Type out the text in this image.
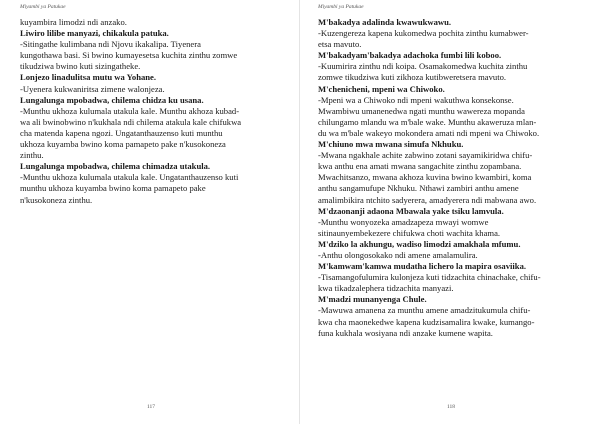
Miyambi ya Patukae	Miyambi ya Patukae
kuyambira limodzi ndi anzako.
Liwiro lilibe manyazi, chikakula patuka.
-Sitingathe kulimbana ndi Njovu ikakalipa. Tiyenera
kungothawa basi. Si bwino kumayesetsa kuchita zinthu zomwe
tikudziwa bwino kuti sizingatheke.
Lonjezo linadulitsa mutu wa Yohane.
-Uyenera kukwaniritsa zimene walonjeza.
Lungalunga mpobadwa, chilema chidza ku usana.
-Munthu ukhoza kulumala utakula kale. Munthu akhoza kubad-
wa ali bwinobwino n'kukhala ndi chilema atakula kale chifukwa
cha matenda kapena ngozi. Ungatanthauzenso kuti munthu
ukhoza kuyamba bwino koma pamapeto pake n'kusokoneza
zinthu.
Lungalunga mpobadwa, chilema chimadza utakula.
-Munthu ukhoza kulumala utakula kale. Ungatanthauzenso kuti
munthu ukhoza kuyamba bwino koma pamapeto pake
n'kusokoneza zinthu.
M'bakadya adalinda kwawukwawu.
-Kuzengereza kapena kukomedwa pochita zinthu kumabwer-
etsa mavuto.
M'bakadyam'bakadya adachoka fumbi lili koboo.
-Kuumirira zinthu ndi koipa. Osamakomedwa kuchita zinthu
zomwe tikudziwa kuti zikhoza kutibweretsera mavuto.
M'chenicheni, mpeni wa Chiwoko.
-Mpeni wa a Chiwoko ndi mpeni wakuthwa konsekonse.
Mwambiwu umanenedwa ngati munthu wawereza mopanda
chilungamo mlandu wa m'bale wake. Munthu akaweruza mlan-
du wa m'bale wakeyo mokondera amati ndi mpeni wa Chiwoko.
M'chiuno mwa mwana simufa Nkhuku.
-Mwana ngakhale achite zabwino zotani sayamikiridwa chifu-
kwa anthu ena amati mwana sangachite zinthu zopambana.
Mwachitsanzo, mwana akhoza kuvina bwino kwambiri, koma
anthu sangamufupe Nkhuku. Nthawi zambiri anthu amene
amalimbikira ntchito sadyerera, amadyerera ndi mabwana awo.
M'dzaonanji adaona Mbawala yake tsiku lamvula.
-Munthu wonyozeka amadzapeza mwayi womwe
sitinaunyembekezere chifukwa choti wachita khama.
M'dziko la akhungu, wadiso limodzi amakhala mfumu.
-Anthu olongosokako ndi amene amalamulira.
M'kamwam'kamwa mudatha lichero la mapira osaviika.
-Tisamangofulumira kulonjeza kuti tidzachita chinachake, chifu-
kwa tikadzalephera tidzachita manyazi.
M'madzi munanyenga Chule.
-Mawuwa amanena za munthu amene amadzitukumula chifu-
kwa cha maonekedwe kapena kudzisamalira kwake, kumango-
funa kukhala wosiyana ndi anzake kumene wapita.
117	118
